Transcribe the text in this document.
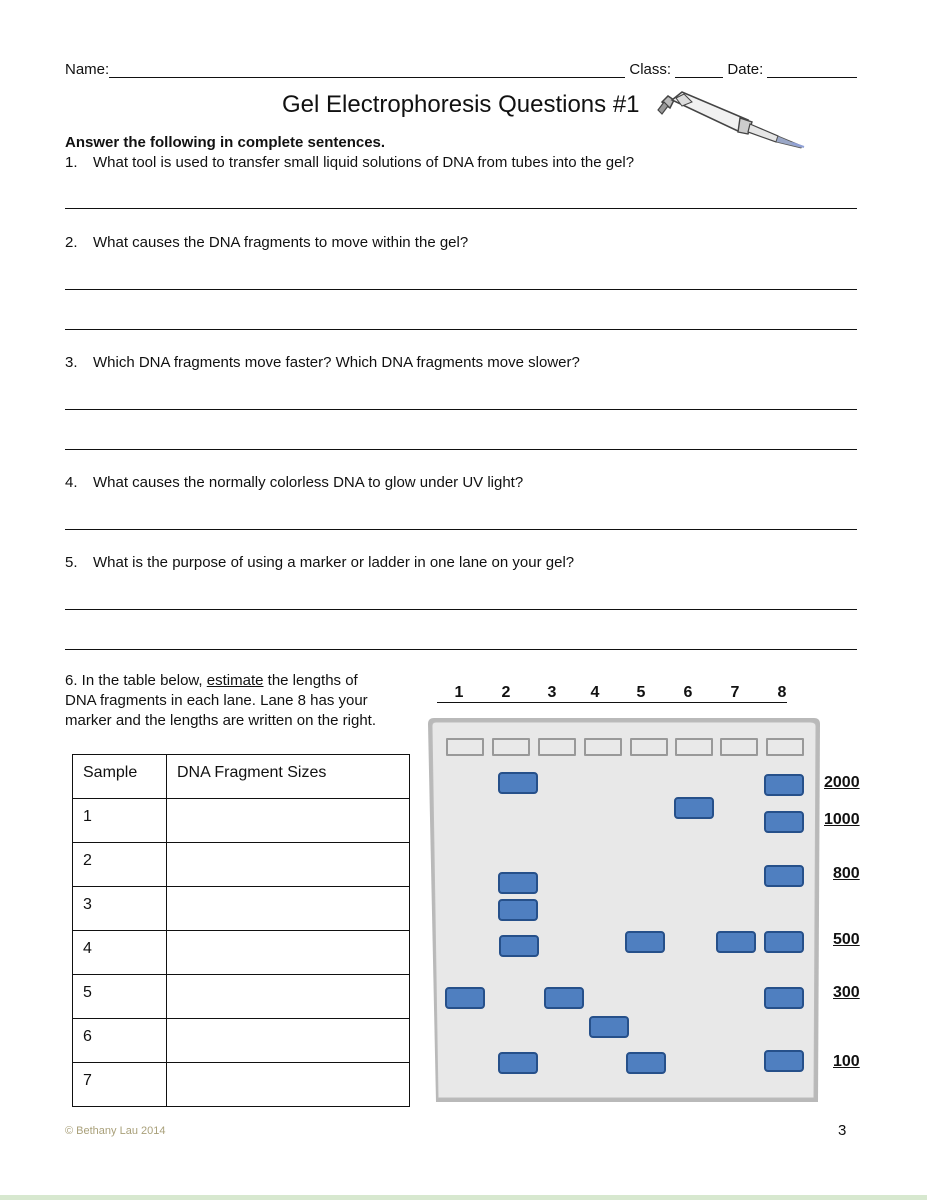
Name:	Class:	Date:
Gel Electrophoresis Questions #1
Answer the following in complete sentences.
1. What tool is used to transfer small liquid solutions of DNA from tubes into the gel?
2. What causes the DNA fragments to move within the gel?
3. Which DNA fragments move faster? Which DNA fragments move slower?
4. What causes the normally colorless DNA to glow under UV light?
5. What is the purpose of using a marker or ladder in one lane on your gel?
6. In the table below, estimate the lengths of
DNA fragments in each lane. Lane 8 has your
marker and the lengths are written on the right.
Sample	DNA Fragment Sizes
1	
2	
3	
4	
5	
6	
7	
1	2	3	4	5	6	7	8
2000
1000
800
500
300
100
© Bethany Lau 2014	3
